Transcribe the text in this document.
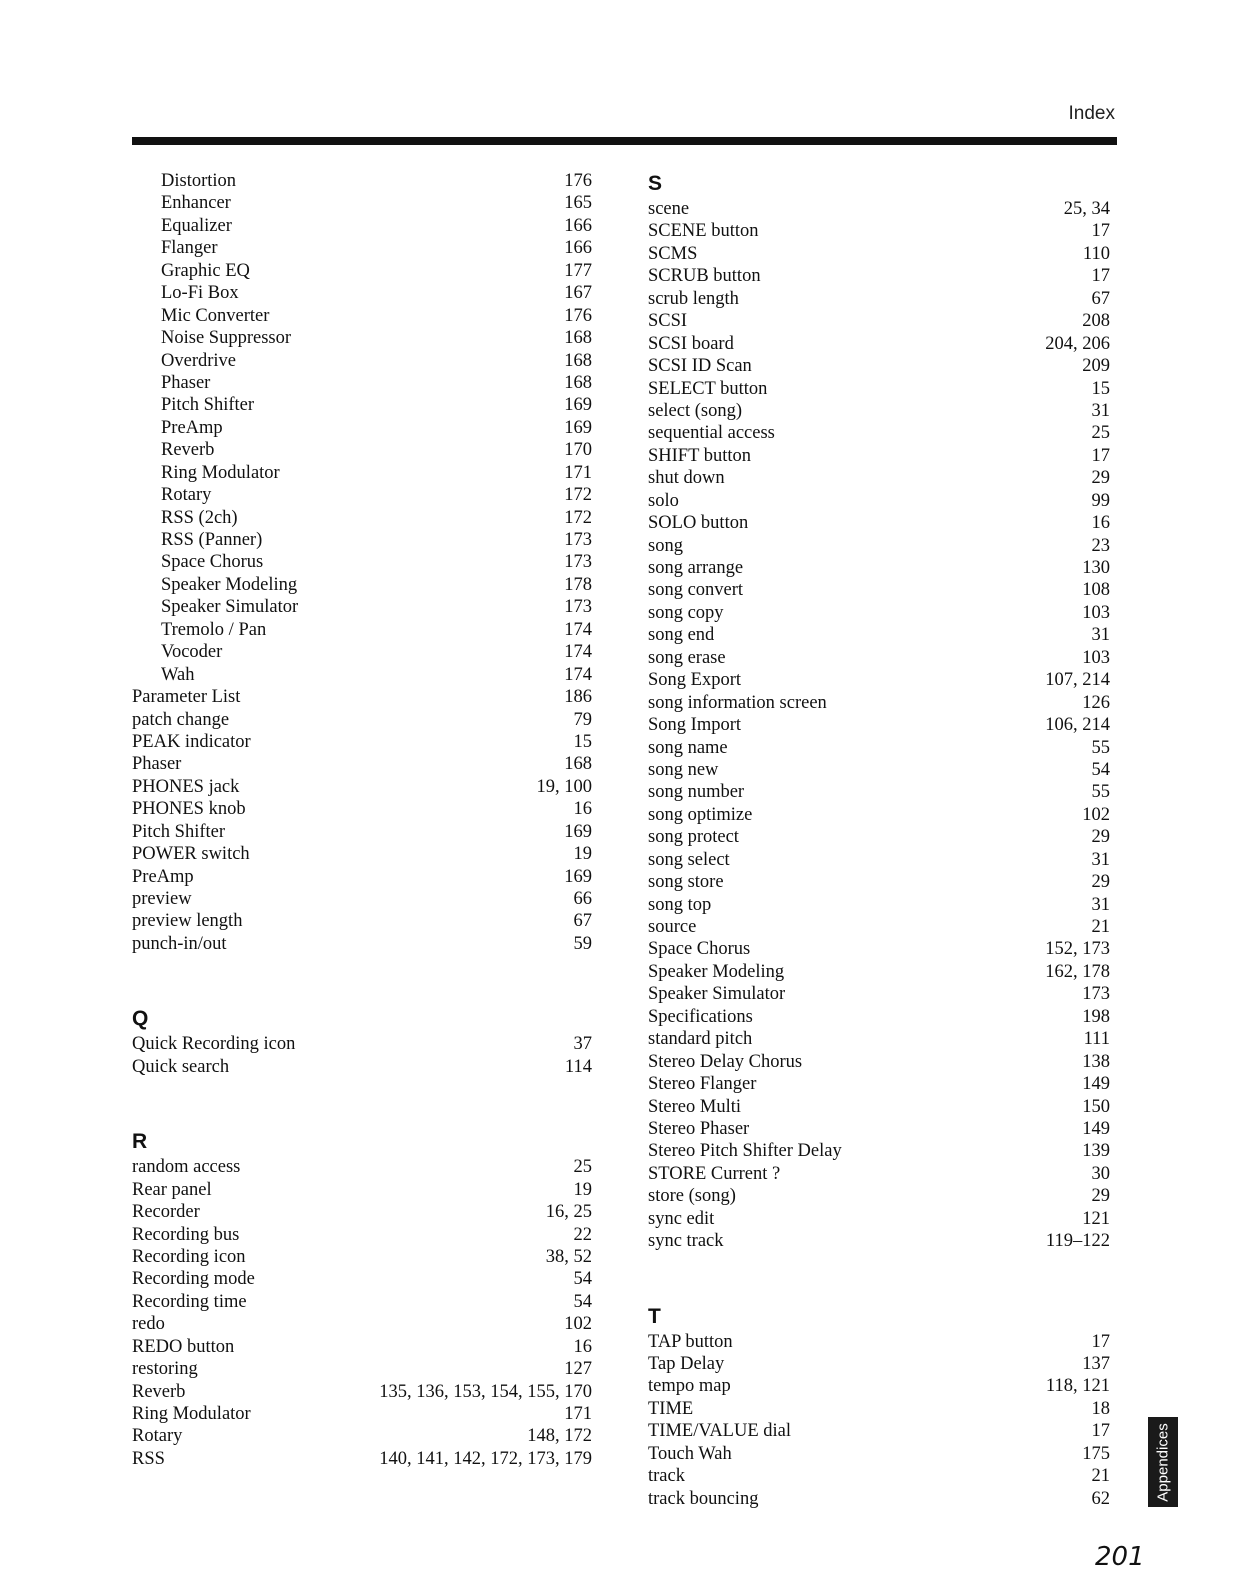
Index
Distortion .....	176
Enhancer .....	165
Equalizer .....	166
Flanger .....	166
Graphic EQ .....	177
Lo-Fi Box .....	167
Mic Converter .....	176
Noise Suppressor .....	168
Overdrive .....	168
Phaser .....	168
Pitch Shifter .....	169
PreAmp .....	169
Reverb .....	170
Ring Modulator .....	171
Rotary .....	172
RSS (2ch) .....	172
RSS (Panner) .....	173
Space Chorus .....	173
Speaker Modeling .....	178
Speaker Simulator .....	173
Tremolo / Pan .....	174
Vocoder .....	174
Wah .....	174
Parameter List .....	186
patch change .....	79
PEAK indicator .....	15
Phaser .....	168
PHONES jack .....	19, 100
PHONES knob .....	16
Pitch Shifter .....	169
POWER switch .....	19
PreAmp .....	169
preview .....	66
preview length .....	67
punch-in/out .....	59
Q
Quick Recording icon .....	37
Quick search .....	114
R
random access .....	25
Rear panel .....	19
Recorder .....	16, 25
Recording bus .....	22
Recording icon .....	38, 52
Recording mode .....	54
Recording time .....	54
redo .....	102
REDO button .....	16
restoring .....	127
Reverb .....	135, 136, 153, 154, 155, 170
Ring Modulator .....	171
Rotary .....	148, 172
RSS .....	140, 141, 142, 172, 173, 179
S
scene .....	25, 34
SCENE button .....	17
SCMS .....	110
SCRUB button .....	17
scrub length .....	67
SCSI .....	208
SCSI board .....	204, 206
SCSI ID Scan .....	209
SELECT button .....	15
select (song) .....	31
sequential access .....	25
SHIFT button .....	17
shut down .....	29
solo .....	99
SOLO button .....	16
song .....	23
song arrange .....	130
song convert .....	108
song copy .....	103
song end .....	31
song erase .....	103
Song Export .....	107, 214
song information screen .....	126
Song Import .....	106, 214
song name .....	55
song new .....	54
song number .....	55
song optimize .....	102
song protect .....	29
song select .....	31
song store .....	29
song top .....	31
source .....	21
Space Chorus .....	152, 173
Speaker Modeling .....	162, 178
Speaker Simulator .....	173
Specifications .....	198
standard pitch .....	111
Stereo Delay Chorus .....	138
Stereo Flanger .....	149
Stereo Multi .....	150
Stereo Phaser .....	149
Stereo Pitch Shifter Delay .....	139
STORE Current ? .....	30
store (song) .....	29
sync edit .....	121
sync track .....	119–122
T
TAP button .....	17
Tap Delay .....	137
tempo map .....	118, 121
TIME .....	18
TIME/VALUE dial .....	17
Touch Wah .....	175
track .....	21
track bouncing .....	62	Appendices
201
